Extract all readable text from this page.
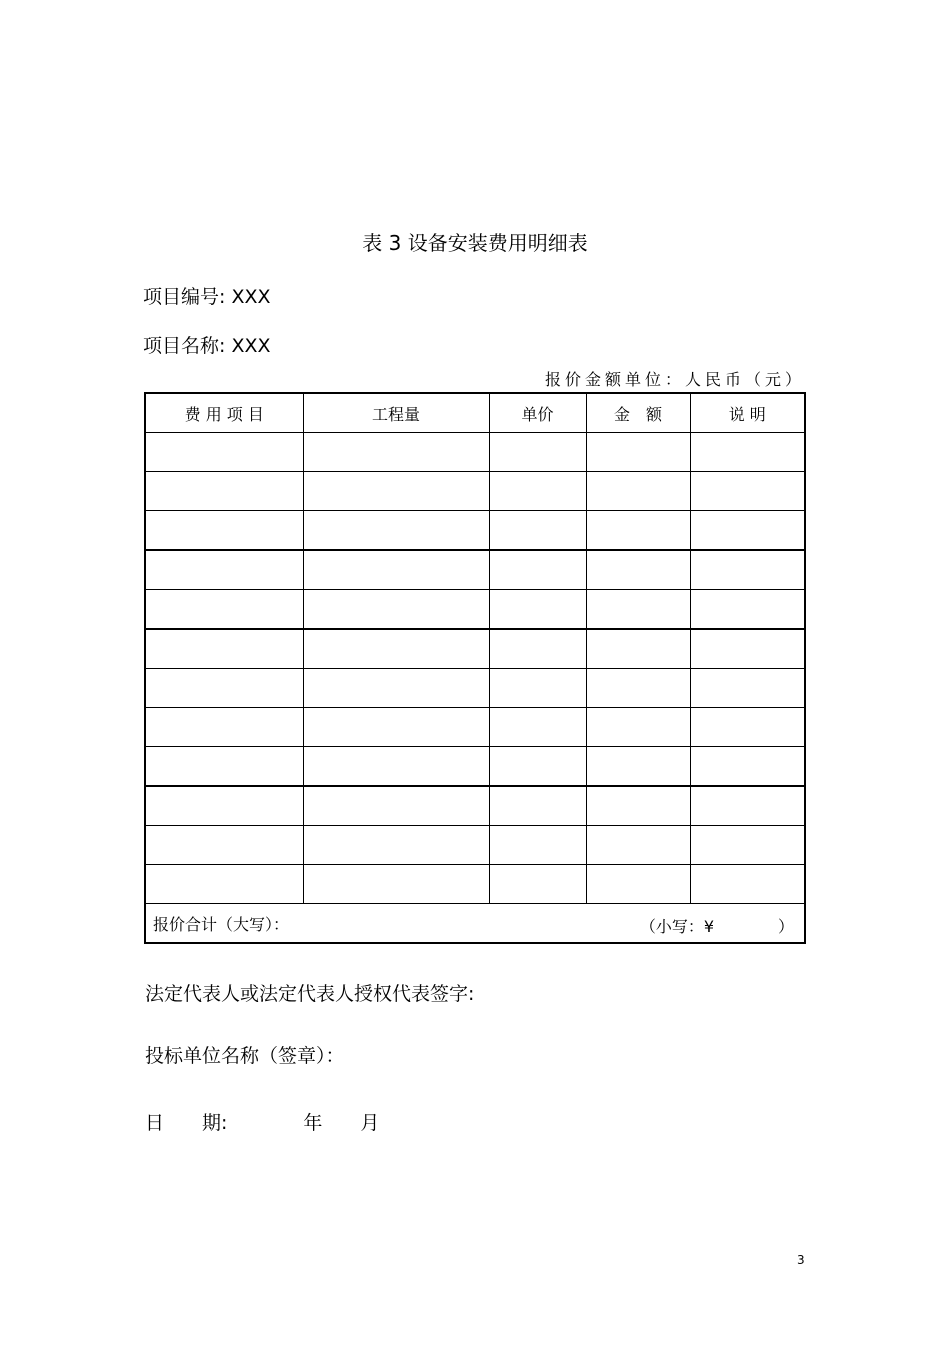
表 3 设备安装费用明细表
项目编号: XXX
项目名称: XXX
报价金额单位：人民币（元）
费 用 项 目	工程量	单价	金　额	说 明

报价合计（大写）： （小写：¥　　　　）				
法定代表人或法定代表人授权代表签字:
投标单位名称（签章）：
日　　期:　　　　年　　月
3
